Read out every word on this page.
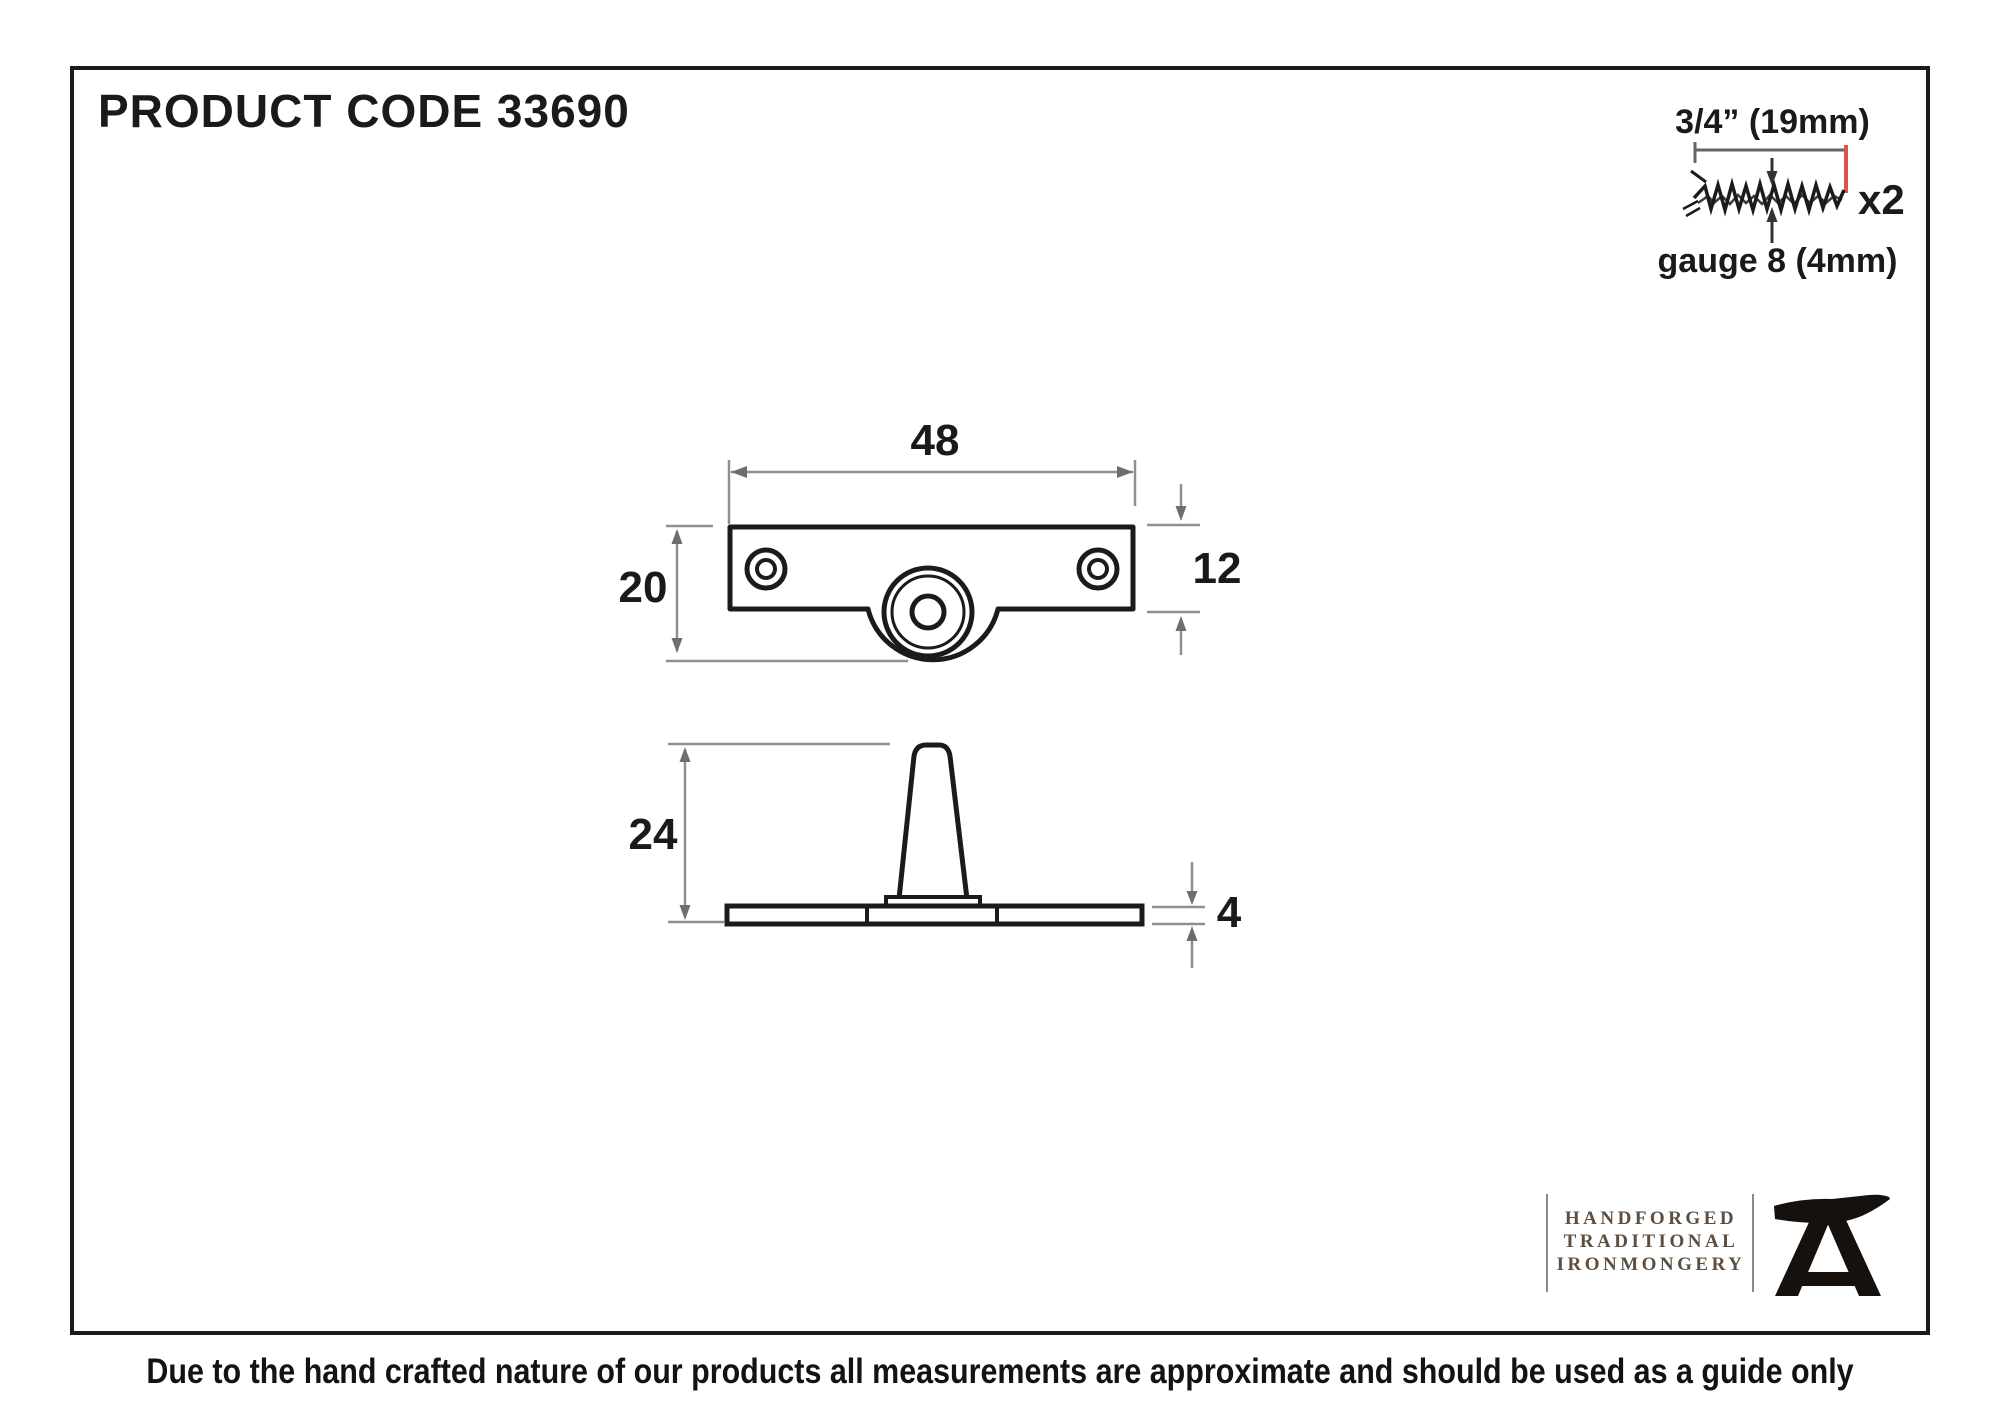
PRODUCT CODE 33690	3/4” (19mm)
x2
gauge 8 (4mm)
48
20	12
24
4
HANDFORGED
TRADITIONAL
IRONMONGERY
Due to the hand crafted nature of our products all measurements are approximate and should be used as a guide only
